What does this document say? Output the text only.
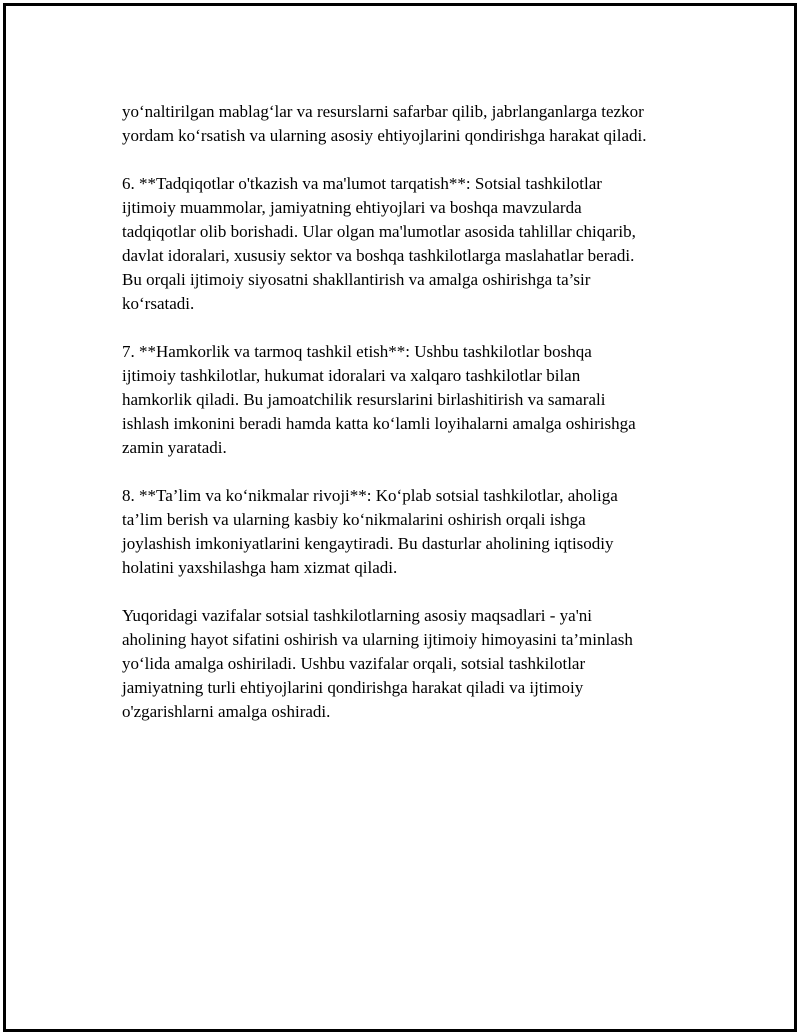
yo‘naltirilgan mablag‘lar va resurslarni safarbar qilib, jabrlanganlarga tezkor
yordam ko‘rsatish va ularning asosiy ehtiyojlarini qondirishga harakat qiladi.

6. **Tadqiqotlar o'tkazish va ma'lumot tarqatish**: Sotsial tashkilotlar
ijtimoiy muammolar, jamiyatning ehtiyojlari va boshqa mavzularda
tadqiqotlar olib borishadi. Ular olgan ma'lumotlar asosida tahlillar chiqarib,
davlat idoralari, xususiy sektor va boshqa tashkilotlarga maslahatlar beradi.
Bu orqali ijtimoiy siyosatni shakllantirish va amalga oshirishga ta’sir
ko‘rsatadi.

7. **Hamkorlik va tarmoq tashkil etish**: Ushbu tashkilotlar boshqa
ijtimoiy tashkilotlar, hukumat idoralari va xalqaro tashkilotlar bilan
hamkorlik qiladi. Bu jamoatchilik resurslarini birlashitirish va samarali
ishlash imkonini beradi hamda katta ko‘lamli loyihalarni amalga oshirishga
zamin yaratadi.

8. **Ta’lim va ko‘nikmalar rivoji**: Ko‘plab sotsial tashkilotlar, aholiga
ta’lim berish va ularning kasbiy ko‘nikmalarini oshirish orqali ishga
joylashish imkoniyatlarini kengaytiradi. Bu dasturlar aholining iqtisodiy
holatini yaxshilashga ham xizmat qiladi.

Yuqoridagi vazifalar sotsial tashkilotlarning asosiy maqsadlari - ya'ni
aholining hayot sifatini oshirish va ularning ijtimoiy himoyasini ta’minlash
yo‘lida amalga oshiriladi. Ushbu vazifalar orqali, sotsial tashkilotlar
jamiyatning turli ehtiyojlarini qondirishga harakat qiladi va ijtimoiy
o'zgarishlarni amalga oshiradi.
